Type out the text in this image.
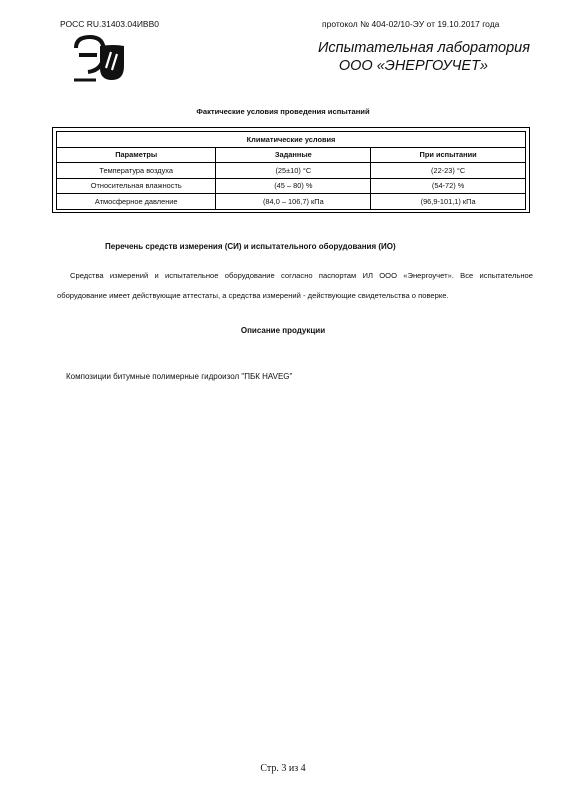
РОСС RU.31403.04ИВВ0	протокол № 404-02/10-ЭУ от 19.10.2017 года
Испытательная лаборатория
ООО «ЭНЕРГОУЧЕТ»
Фактические условия проведения испытаний
Климатические условия		
Параметры	Заданные	При испытании
Температура воздуха	(25±10) °С	(22-23) °С
Относительная влажность	(45 – 80) %	(54-72) %
Атмосферное давление	(84,0 – 106,7) кПа	(96,9-101,1) кПа
Перечень средств измерения (СИ) и испытательного оборудования (ИО)
Средства измерений и испытательное оборудование согласно паспортам ИЛ ООО «Энергоучет». Все испытательное оборудование имеет действующие аттестаты, а средства измерений - действующие свидетельства о поверке.
Описание продукции
Композиции битумные полимерные гидроизол "ПБК HAVEG"
Стр. 3 из 4
